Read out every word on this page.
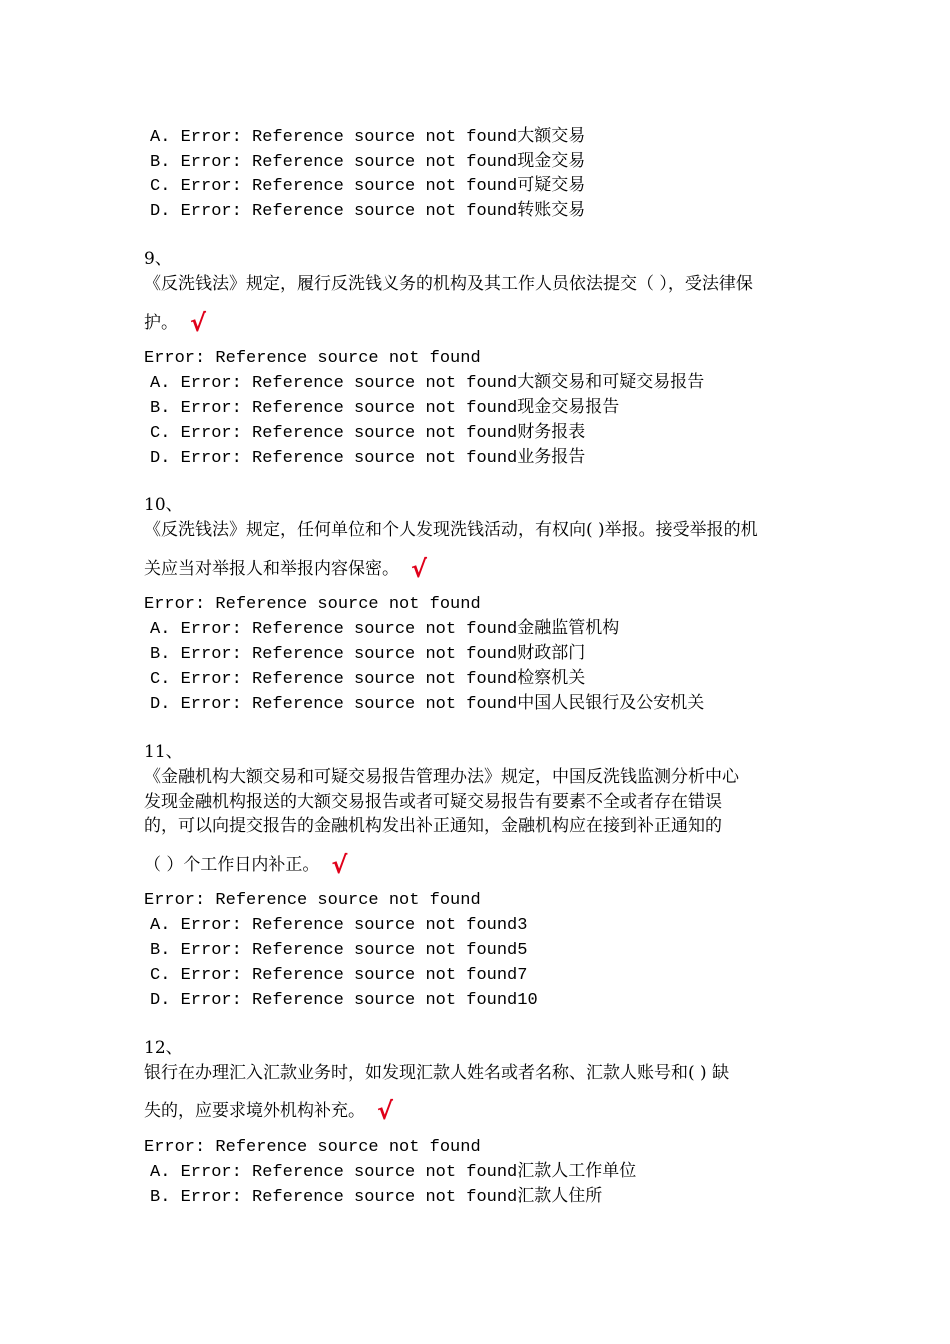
A. Error: Reference source not found大额交易
B. Error: Reference source not found现金交易
C. Error: Reference source not found可疑交易
D. Error: Reference source not found转账交易
9、
《反洗钱法》规定，履行反洗钱义务的机构及其工作人员依法提交（ ），受法律保
护。 √
Error: Reference source not found
A. Error: Reference source not found大额交易和可疑交易报告
B. Error: Reference source not found现金交易报告
C. Error: Reference source not found财务报表
D. Error: Reference source not found业务报告
10、
《反洗钱法》规定，任何单位和个人发现洗钱活动，有权向( )举报。接受举报的机
关应当对举报人和举报内容保密。 √
Error: Reference source not found
A. Error: Reference source not found金融监管机构
B. Error: Reference source not found财政部门
C. Error: Reference source not found检察机关
D. Error: Reference source not found中国人民银行及公安机关
11、
《金融机构大额交易和可疑交易报告管理办法》规定，中国反洗钱监测分析中心
发现金融机构报送的大额交易报告或者可疑交易报告有要素不全或者存在错误
的，可以向提交报告的金融机构发出补正通知，金融机构应在接到补正通知的
（ ）个工作日内补正。 √
Error: Reference source not found
A. Error: Reference source not found3
B. Error: Reference source not found5
C. Error: Reference source not found7
D. Error: Reference source not found10
12、
银行在办理汇入汇款业务时，如发现汇款人姓名或者名称、汇款人账号和( ) 缺
失的，应要求境外机构补充。 √
Error: Reference source not found
A. Error: Reference source not found汇款人工作单位
B. Error: Reference source not found汇款人住所
